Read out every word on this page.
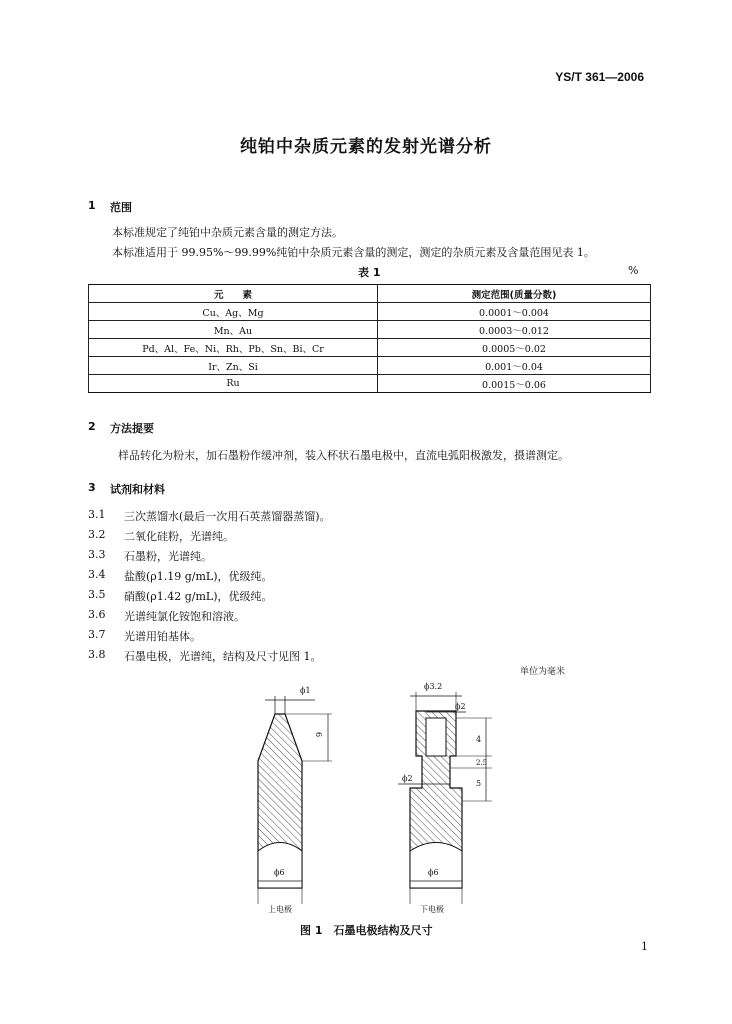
YS/T 361—2006
纯铂中杂质元素的发射光谱分析
1 范围
本标准规定了纯铂中杂质元素含量的测定方法。
本标准适用于 99.95%～99.99%纯铂中杂质元素含量的测定，测定的杂质元素及含量范围见表 1。
表 1	%
元　　素	测定范围(质量分数)
Cu、Ag、Mg	0.0001～0.004
Mn、Au	0.0003～0.012
Pd、Al、Fe、Ni、Rh、Pb、Sn、Bi、Cr	0.0005～0.02
Ir、Zn、Si	0.001～0.04
Ru	0.0015～0.06
2 方法提要
样品转化为粉末，加石墨粉作缓冲剂，装入杯状石墨电极中，直流电弧阳极激发，摄谱测定。
3 试剂和材料
3.1 三次蒸馏水(最后一次用石英蒸馏器蒸馏)。
3.2 二氧化硅粉，光谱纯。
3.3 石墨粉，光谱纯。
3.4 盐酸(ρ1.19 g/mL)，优级纯。
3.5 硝酸(ρ1.42 g/mL)，优级纯。
3.6 光谱纯氯化铵饱和溶液。
3.7 光谱用铂基体。
3.8 石墨电极，光谱纯，结构及尺寸见图 1。
单位为毫米
ϕ1
6
ϕ6
上电极
ϕ3.2
ϕ2
4
2.5
5
ϕ2
ϕ6
下电极
图 1　石墨电极结构及尺寸
1
